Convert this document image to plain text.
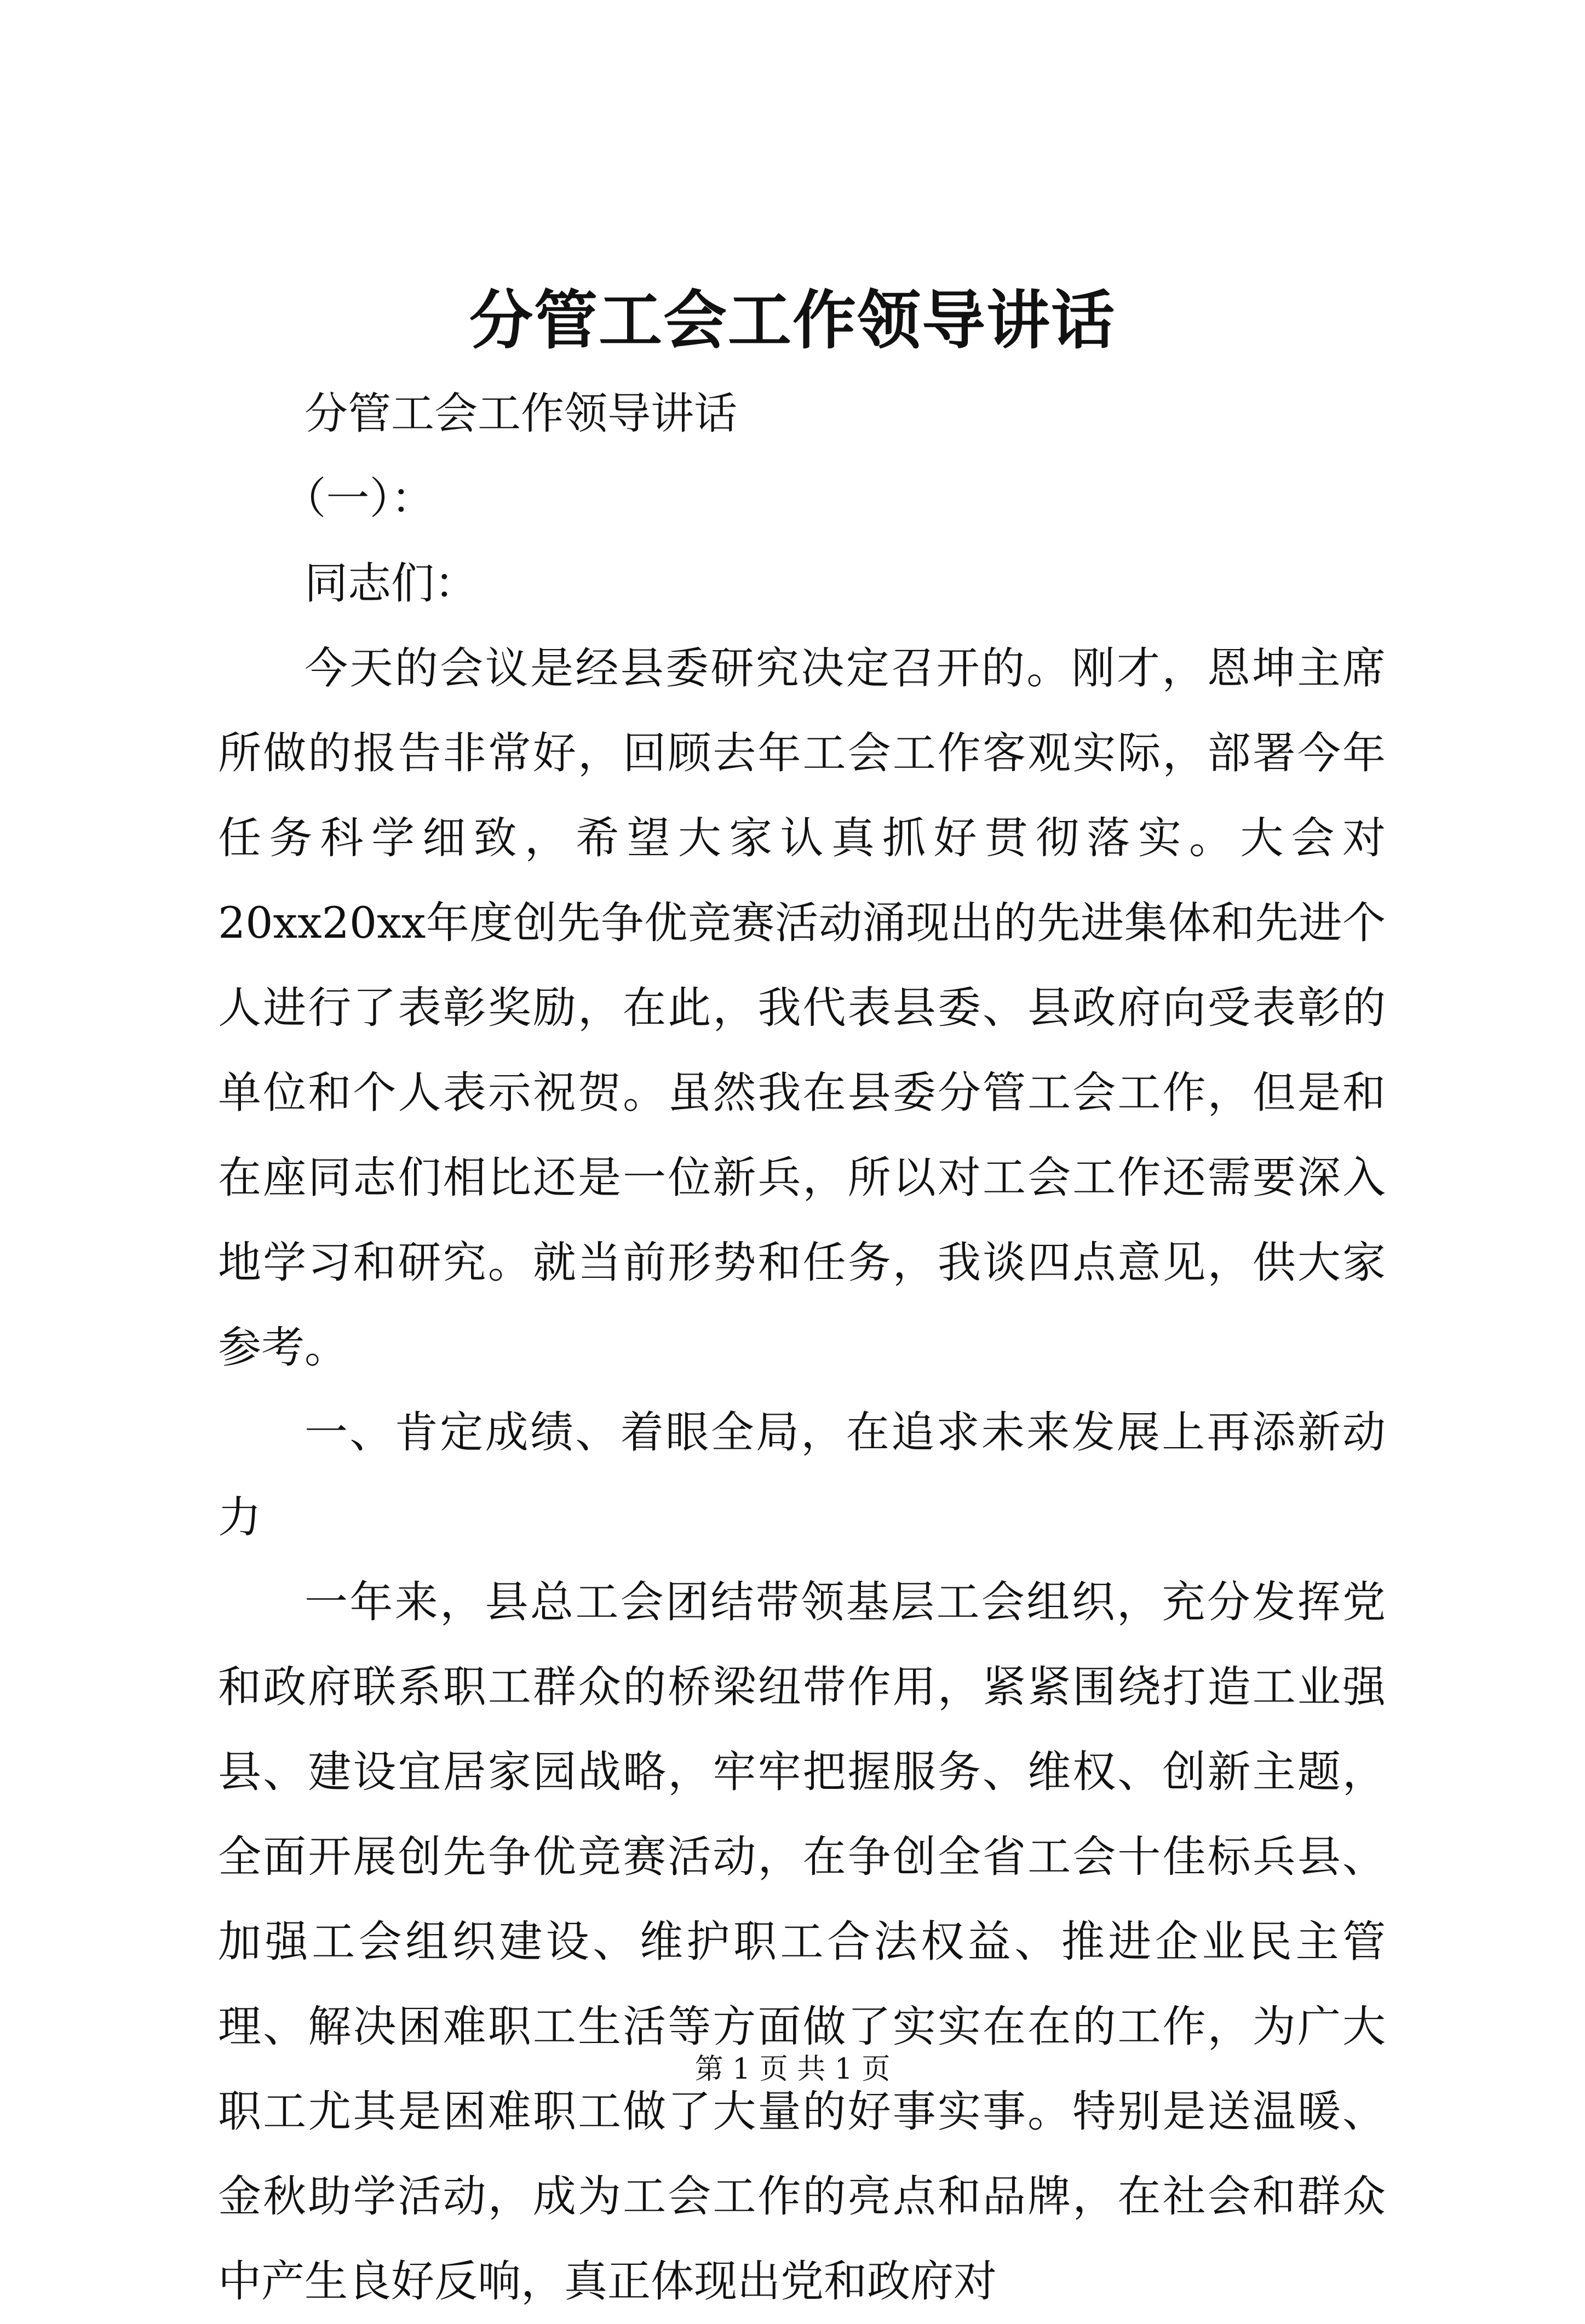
分管工会工作领导讲话

分管工会工作领导讲话

（一）：

同志们：

今天的会议是经县委研究决定召开的。刚才，恩坤主席所做的报告非常好，回顾去年工会工作客观实际，部署今年任务科学细致，希望大家认真抓好贯彻落实。大会对20xx20xx年度创先争优竞赛活动涌现出的先进集体和先进个人进行了表彰奖励，在此，我代表县委、县政府向受表彰的单位和个人表示祝贺。虽然我在县委分管工会工作，但是和在座同志们相比还是一位新兵，所以对工会工作还需要深入地学习和研究。就当前形势和任务，我谈四点意见，供大家参考。

一、肯定成绩、着眼全局，在追求未来发展上再添新动力

一年来，县总工会团结带领基层工会组织，充分发挥党和政府联系职工群众的桥梁纽带作用，紧紧围绕打造工业强县、建设宜居家园战略，牢牢把握服务、维权、创新主题，全面开展创先争优竞赛活动，在争创全省工会十佳标兵县、加强工会组织建设、维护职工合法权益、推进企业民主管理、解决困难职工生活等方面做了实实在在的工作，为广大职工尤其是困难职工做了大量的好事实事。特别是送温暖、金秋助学活动，成为工会工作的亮点和品牌，在社会和群众中产生良好反响，真正体现出党和政府对

第 1 页 共 1 页
